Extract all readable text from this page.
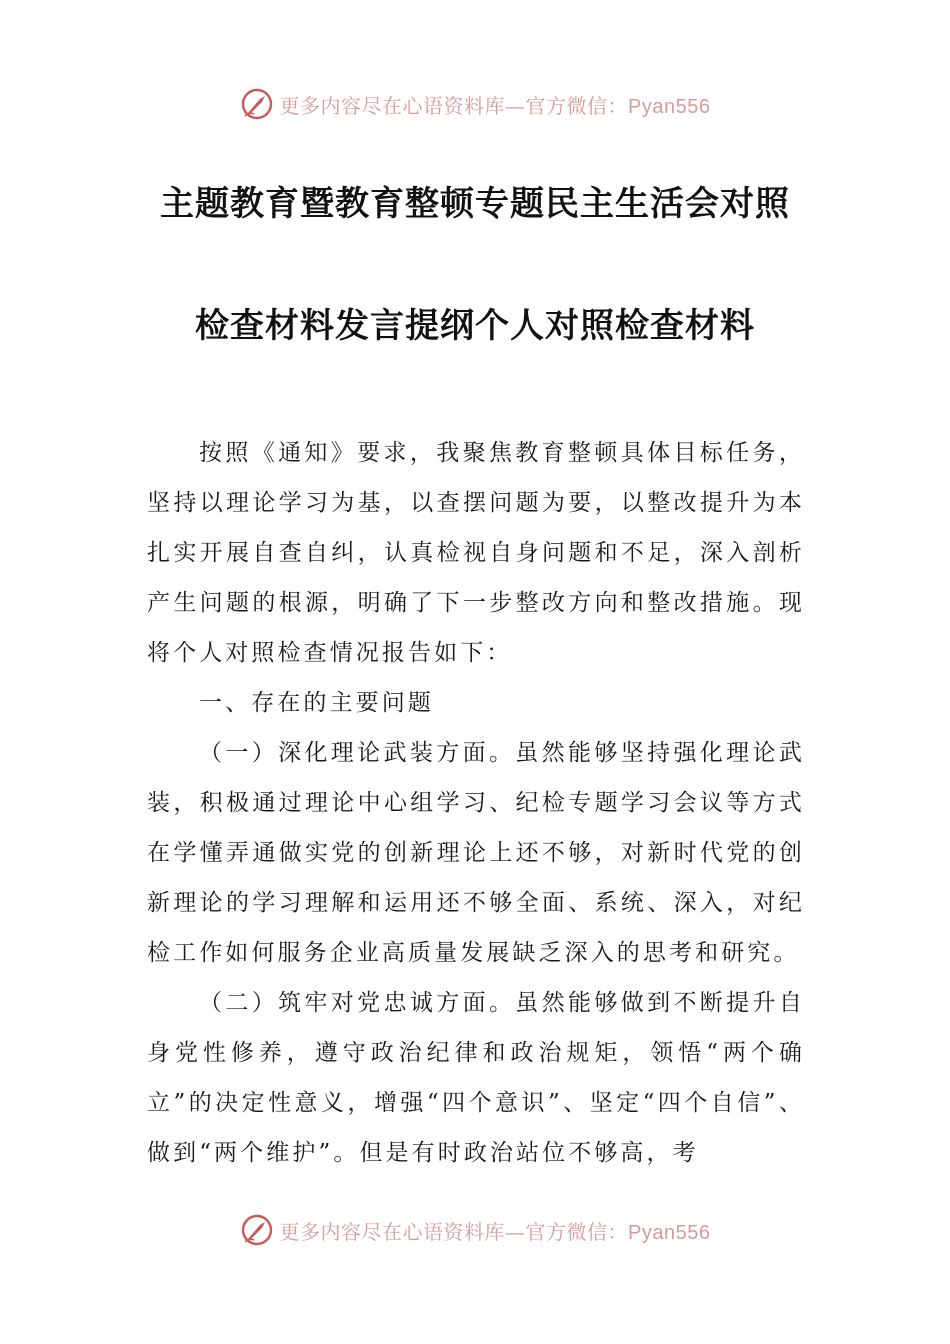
更多内容尽在心语资料库—官方微信：Pyan556
主题教育暨教育整顿专题民主生活会对照
检查材料发言提纲个人对照检查材料

按照《通知》要求，我聚焦教育整顿具体目标任务，坚持以理论学习为基，以查摆问题为要，以整改提升为本扎实开展自查自纠，认真检视自身问题和不足，深入剖析产生问题的根源，明确了下一步整改方向和整改措施。现将个人对照检查情况报告如下：

一、存在的主要问题

（一）深化理论武装方面。虽然能够坚持强化理论武装，积极通过理论中心组学习、纪检专题学习会议等方式在学懂弄通做实党的创新理论上还不够，对新时代党的创新理论的学习理解和运用还不够全面、系统、深入，对纪检工作如何服务企业高质量发展缺乏深入的思考和研究。

（二）筑牢对党忠诚方面。虽然能够做到不断提升自身党性修养，遵守政治纪律和政治规矩，领悟“两个确立”的决定性意义，增强“四个意识”、坚定“四个自信”、做到“两个维护”。但是有时政治站位不够高，考

更多内容尽在心语资料库—官方微信：Pyan556
